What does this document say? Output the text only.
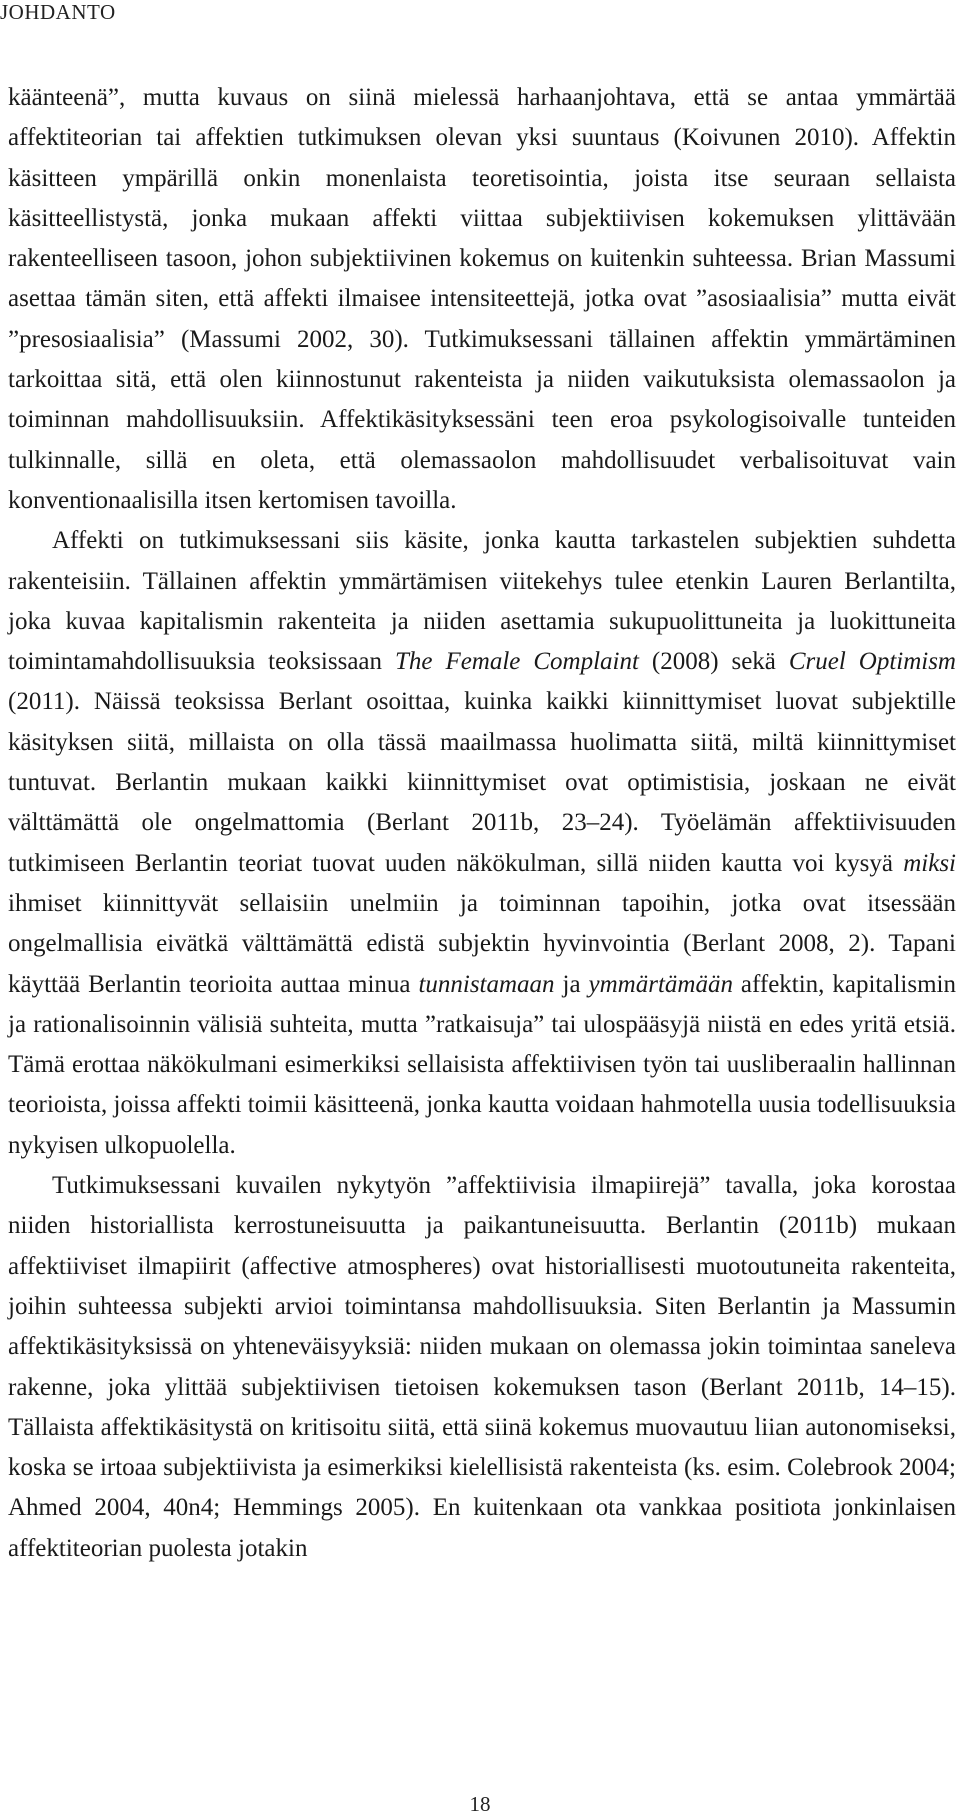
JOHDANTO

käänteenä”, mutta kuvaus on siinä mielessä harhaanjohtava, että se antaa ymmärtää affektiteorian tai affektien tutkimuksen olevan yksi suuntaus (Koivunen 2010). Affektin käsitteen ympärillä onkin monenlaista teoretisointia, joista itse seuraan sellaista käsitteellistystä, jonka mukaan affekti viittaa subjektiivisen kokemuksen ylittävään rakenteelliseen tasoon, johon subjektiivinen kokemus on kuitenkin suhteessa. Brian Massumi asettaa tämän siten, että affekti ilmaisee intensiteettejä, jotka ovat ”asosiaalisia” mutta eivät ”presosiaalisia” (Massumi 2002, 30). Tutkimuksessani tällainen affektin ymmärtäminen tarkoittaa sitä, että olen kiinnostunut rakenteista ja niiden vaikutuksista olemassaolon ja toiminnan mahdollisuuksiin. Affektikäsityksessäni teen eroa psykologisoivalle tunteiden tulkinnalle, sillä en oleta, että olemassaolon mahdollisuudet verbalisoituvat vain konventionaalisilla itsen kertomisen tavoilla.

Affekti on tutkimuksessani siis käsite, jonka kautta tarkastelen subjektien suhdetta rakenteisiin. Tällainen affektin ymmärtämisen viitekehys tulee etenkin Lauren Berlantilta, joka kuvaa kapitalismin rakenteita ja niiden asettamia sukupuolittuneita ja luokittuneita toimintamahdollisuuksia teoksissaan The Female Complaint (2008) sekä Cruel Optimism (2011). Näissä teoksissa Berlant osoittaa, kuinka kaikki kiinnittymiset luovat subjektille käsityksen siitä, millaista on olla tässä maailmassa huolimatta siitä, miltä kiinnittymiset tuntuvat. Berlantin mukaan kaikki kiinnittymiset ovat optimistisia, joskaan ne eivät välttämättä ole ongelmattomia (Berlant 2011b, 23–24). Työelämän affektiivisuuden tutkimiseen Berlantin teoriat tuovat uuden näkökulman, sillä niiden kautta voi kysyä miksi ihmiset kiinnittyvät sellaisiin unelmiin ja toiminnan tapoihin, jotka ovat itsessään ongelmallisia eivätkä välttämättä edistä subjektin hyvinvointia (Berlant 2008, 2). Tapani käyttää Berlantin teorioita auttaa minua tunnistamaan ja ymmärtämään affektin, kapitalismin ja rationalisoinnin välisiä suhteita, mutta ”ratkaisuja” tai ulospääsyjä niistä en edes yritä etsiä. Tämä erottaa näkökulmani esimerkiksi sellaisista affektiivisen työn tai uusliberaalin hallinnan teorioista, joissa affekti toimii käsitteenä, jonka kautta voidaan hahmotella uusia todellisuuksia nykyisen ulkopuolella.

Tutkimuksessani kuvailen nykytyön ”affektiivisia ilmapiirejä” tavalla, joka korostaa niiden historiallista kerrostuneisuutta ja paikantuneisuutta. Berlantin (2011b) mukaan affektiiviset ilmapiirit (affective atmospheres) ovat historiallisesti muotoutuneita rakenteita, joihin suhteessa subjekti arvioi toimintansa mahdollisuuksia. Siten Berlantin ja Massumin affektikäsityksissä on yhteneväisyyksiä: niiden mukaan on olemassa jokin toimintaa saneleva rakenne, joka ylittää subjektiivisen tietoisen kokemuksen tason (Berlant 2011b, 14–15). Tällaista affektikäsitystä on kritisoitu siitä, että siinä kokemus muovautuu liian autonomiseksi, koska se irtoaa subjektiivista ja esimerkiksi kielellisistä rakenteista (ks. esim. Colebrook 2004; Ahmed 2004, 40n4; Hemmings 2005). En kuitenkaan ota vankkaa positiota jonkinlaisen affektiteorian puolesta jotakin

18
